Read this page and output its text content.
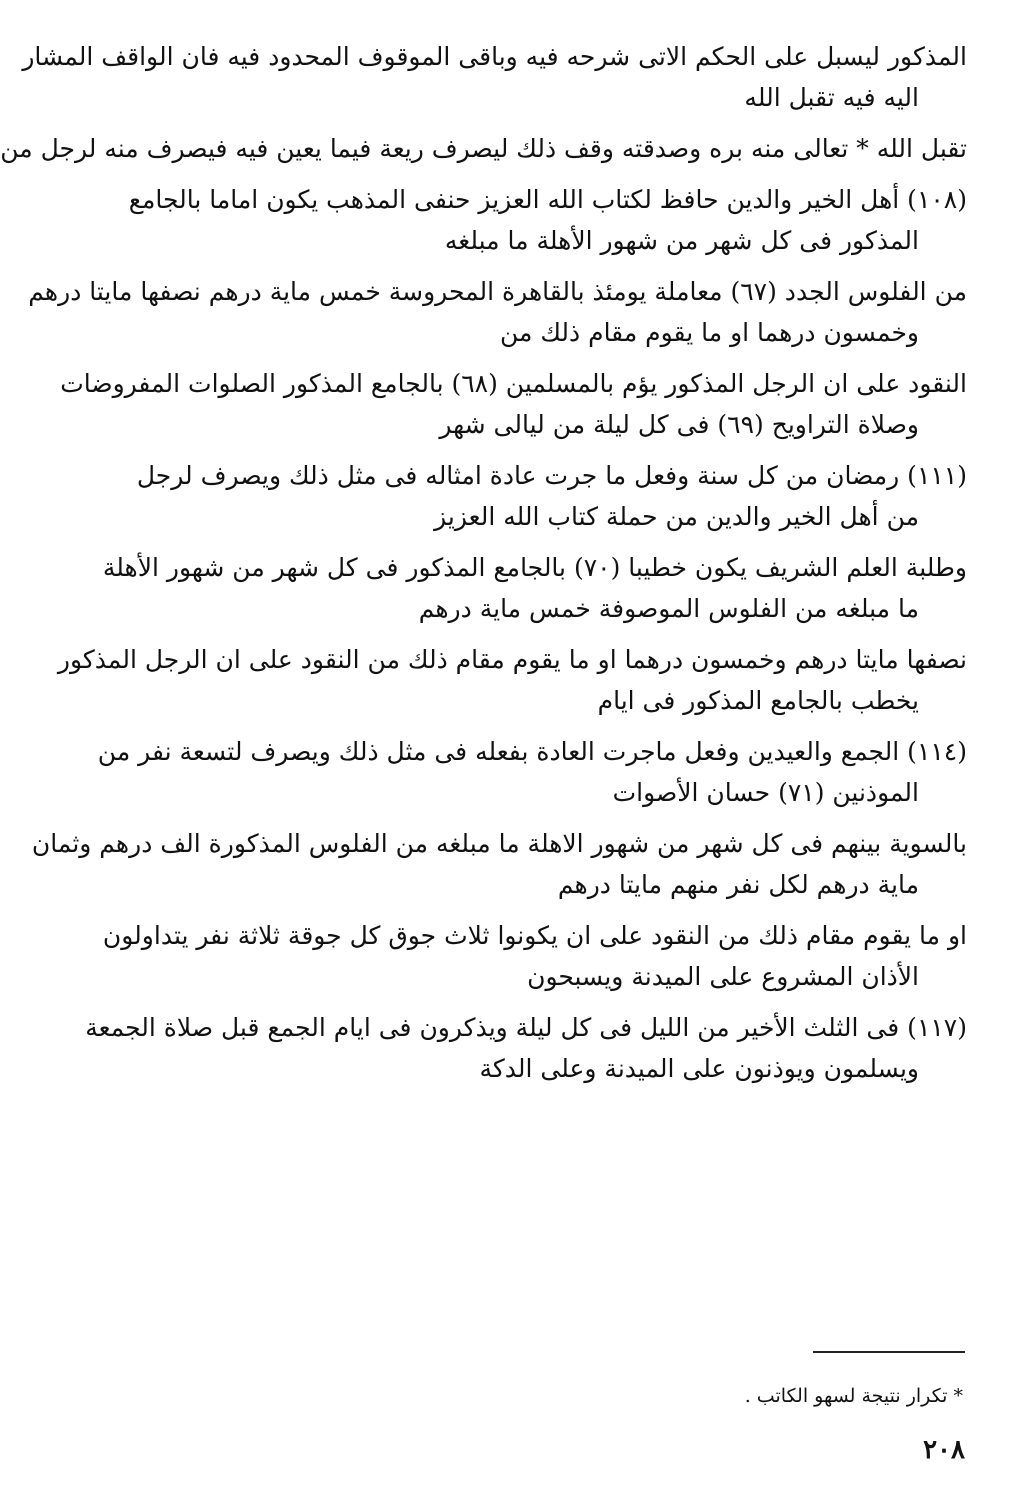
المذكور ليسبل على الحكم الاتى شرحه فيه وباقى الموقوف المحدود فيه فان الواقف المشار
اليه فيه تقبل الله
تقبل الله * تعالى منه بره وصدقته وقف ذلك ليصرف ريعة فيما يعين فيه فيصرف منه لرجل من
(١٠٨) أهل الخير والدين حافظ لكتاب الله العزيز حنفى المذهب يكون اماما بالجامع
المذكور فى كل شهر من شهور الأهلة ما مبلغه
من الفلوس الجدد (٦٧) معاملة يومئذ بالقاهرة المحروسة خمس ماية درهم نصفها مايتا درهم
وخمسون درهما او ما يقوم مقام ذلك من
النقود على ان الرجل المذكور يؤم بالمسلمين (٦٨) بالجامع المذكور الصلوات المفروضات
وصلاة التراويح (٦٩) فى كل ليلة من ليالى شهر
(١١١) رمضان من كل سنة وفعل ما جرت عادة امثاله فى مثل ذلك ويصرف لرجل
من أهل الخير والدين من حملة كتاب الله العزيز
وطلبة العلم الشريف يكون خطيبا (٧٠) بالجامع المذكور فى كل شهر من شهور الأهلة
ما مبلغه من الفلوس الموصوفة خمس ماية درهم
نصفها مايتا درهم وخمسون درهما او ما يقوم مقام ذلك من النقود على ان الرجل المذكور
يخطب بالجامع المذكور فى ايام
(١١٤) الجمع والعيدين وفعل ماجرت العادة بفعله فى مثل ذلك ويصرف لتسعة نفر من
الموذنين (٧١) حسان الأصوات
بالسوية بينهم فى كل شهر من شهور الاهلة ما مبلغه من الفلوس المذكورة الف درهم وثمان
ماية درهم لكل نفر منهم مايتا درهم
او ما يقوم مقام ذلك من النقود على ان يكونوا ثلاث جوق كل جوقة ثلاثة نفر يتداولون
الأذان المشروع على الميدنة ويسبحون
(١١٧) فى الثلث الأخير من الليل فى كل ليلة ويذكرون فى ايام الجمع قبل صلاة الجمعة
ويسلمون ويوذنون على الميدنة وعلى الدكة
* تكرار نتيجة لسهو الكاتب .
٢٠٨
